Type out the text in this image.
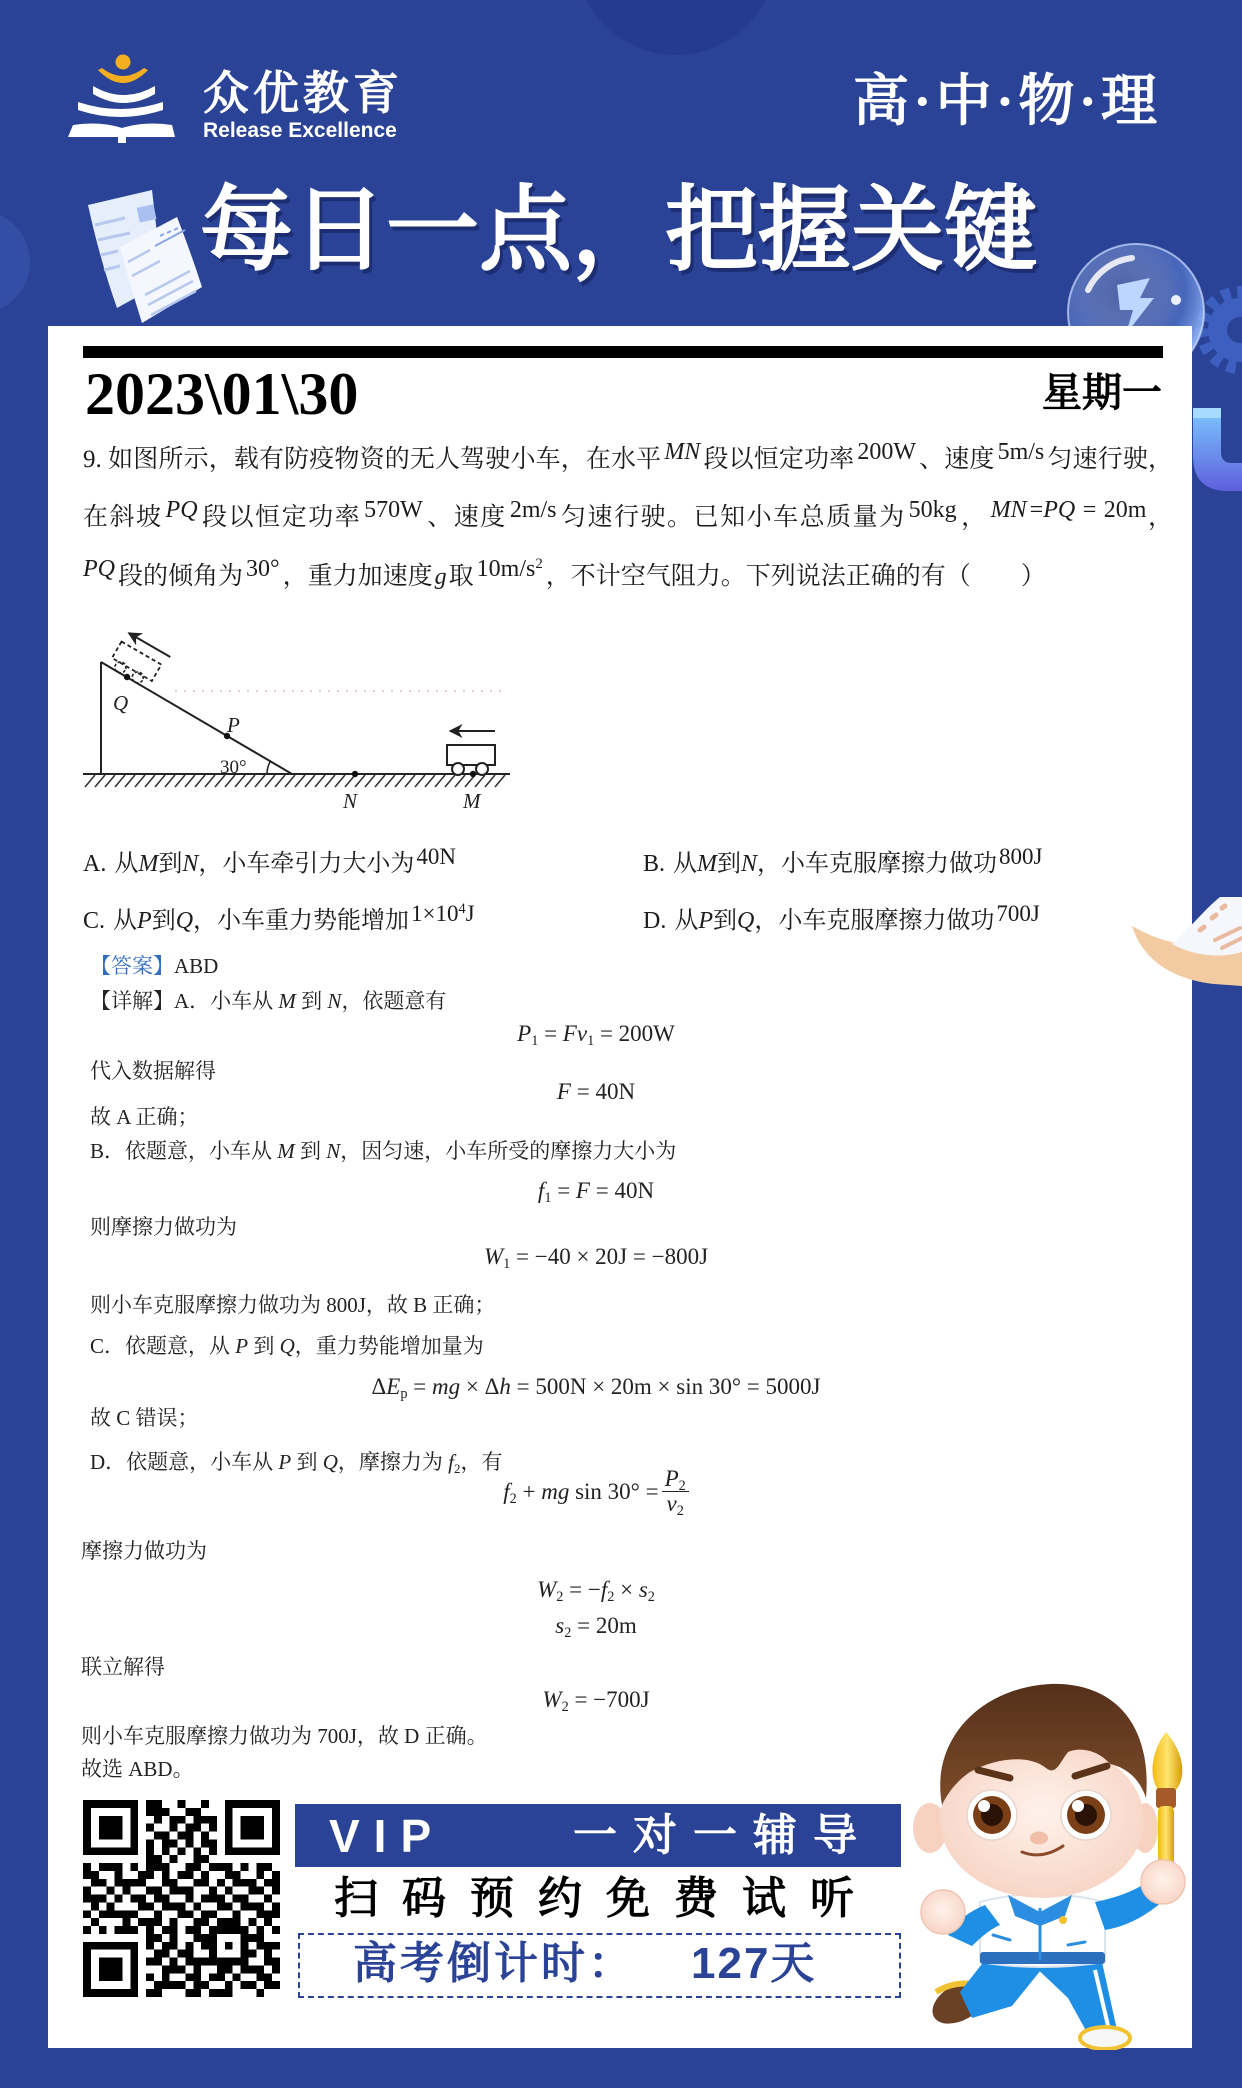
众优教育
Release Excellence	高·中·物·理
每日一点，把握关键
2023\01\30	星期一
9. 如图所示，载有防疫物资的无人驾驶小车，在水平 MN 段以恒定功率 200W 、速度 5m/s 匀速行驶，
在斜坡 PQ 段以恒定功率 570W 、速度 2m/s 匀速行驶。已知小车总质量为 50kg ， MN =PQ = 20m，
PQ 段的倾角为 30° ，重力加速度g取 $10m/s^2$ ，不计空气阻力。下列说法正确的有（　　）
Q
P
30°
N	M
A. 从M到N，小车牵引力大小为40N	B. 从M到N，小车克服摩擦力做功800J
C. 从P到Q，小车重力势能增加$1\times 10^4J$	D. 从P到Q，小车克服摩擦力做功700J
【答案】ABD
【详解】A．小车从 M 到 N，依题意有
$P_1 = Fv_1 = 200W$
代入数据解得
F = 40N
故 A 正确；
B．依题意，小车从 M 到 N，因匀速，小车所受的摩擦力大小为
$f_1 = F = 40N$
则摩擦力做功为
$W_1 = -40 \times 20J = -800J$
则小车克服摩擦力做功为 800J，故 B 正确；
C．依题意，从 P 到 Q，重力势能增加量为
$\Delta E_p$ = mg × Δh = 500N × 20m × sin 30° = 5000J
故 C 错误；
D．依题意，小车从 P 到 Q，摩擦力为 $f_2$，有
$f_2$ + mg $\sin 30^\circ = \frac{P_2}{v_2}$
摩擦力做功为
$W_2 = -f_2 \times s_2$
$s_2 = 20m$
联立解得
$W_2 = -700J$
则小车克服摩擦力做功为 700J，故 D 正确。
故选 ABD。
VIP	一对一辅导
扫码预约免费试听
高考倒计时： 127天
